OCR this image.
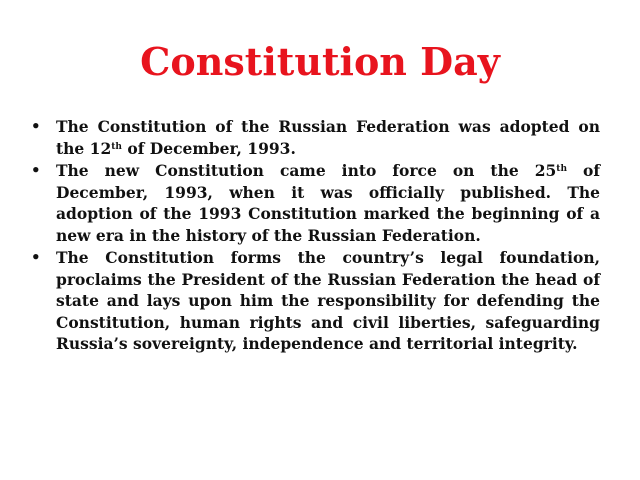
Constitution Day
• The Constitution of the Russian Federation was adopted on the 12th of December, 1993.
• The new Constitution came into force on the 25th of December, 1993, when it was officially published. The adoption of the 1993 Constitution marked the beginning of a new era in the history of the Russian Federation.
• The Constitution forms the country’s legal foundation, proclaims the President of the Russian Federation the head of state and lays upon him the responsibility for defending the Constitution, human rights and civil liberties, safeguarding Russia’s sovereignty, independence and territorial integrity.
